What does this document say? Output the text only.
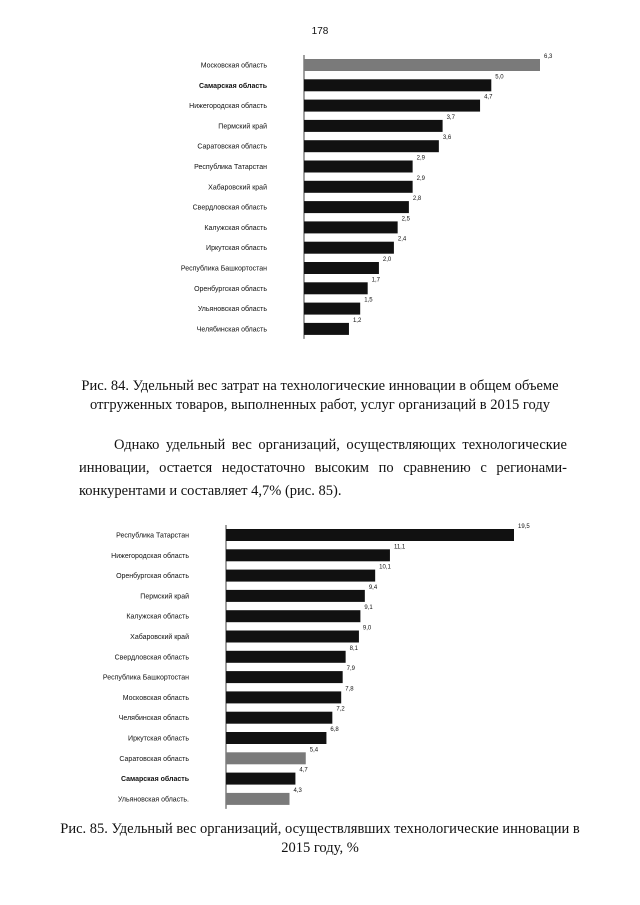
178
Московская область
6,3
Самарская область
5,0
Нижегородская область
4,7
Пермский край
3,7
Саратовская область
3,6
Республика Татарстан
2,9
Хабаровский край
2,9
Свердловская область
2,8
Калужская область
2,5
Иркутская область
2,4
Республика Башкортостан
2,0
Оренбургская область
1,7
Ульяновская область
1,5
Челябинская область
1,2
Рис. 84. Удельный вес затрат на технологические инновации в общем объеме отгруженных товаров, выполненных работ, услуг организаций в 2015 году
Однако удельный вес организаций, осуществляющих технологические инновации, остается недостаточно высоким по сравнению с регионами-конкурентами и составляет 4,7% (рис. 85).
Республика Татарстан
19,5
Нижегородская область
11,1
Оренбургская область
10,1
Пермский край
9,4
Калужская область
9,1
Хабаровский край
9,0
Свердловская область
8,1
Республика Башкортостан
7,9
Московская область
7,8
Челябинская область
7,2
Иркутская область
6,8
Саратовская область
5,4
Самарская область
4,7
Ульяновская область.
4,3
Рис. 85. Удельный вес организаций, осуществлявших технологические инновации в 2015 году, %
